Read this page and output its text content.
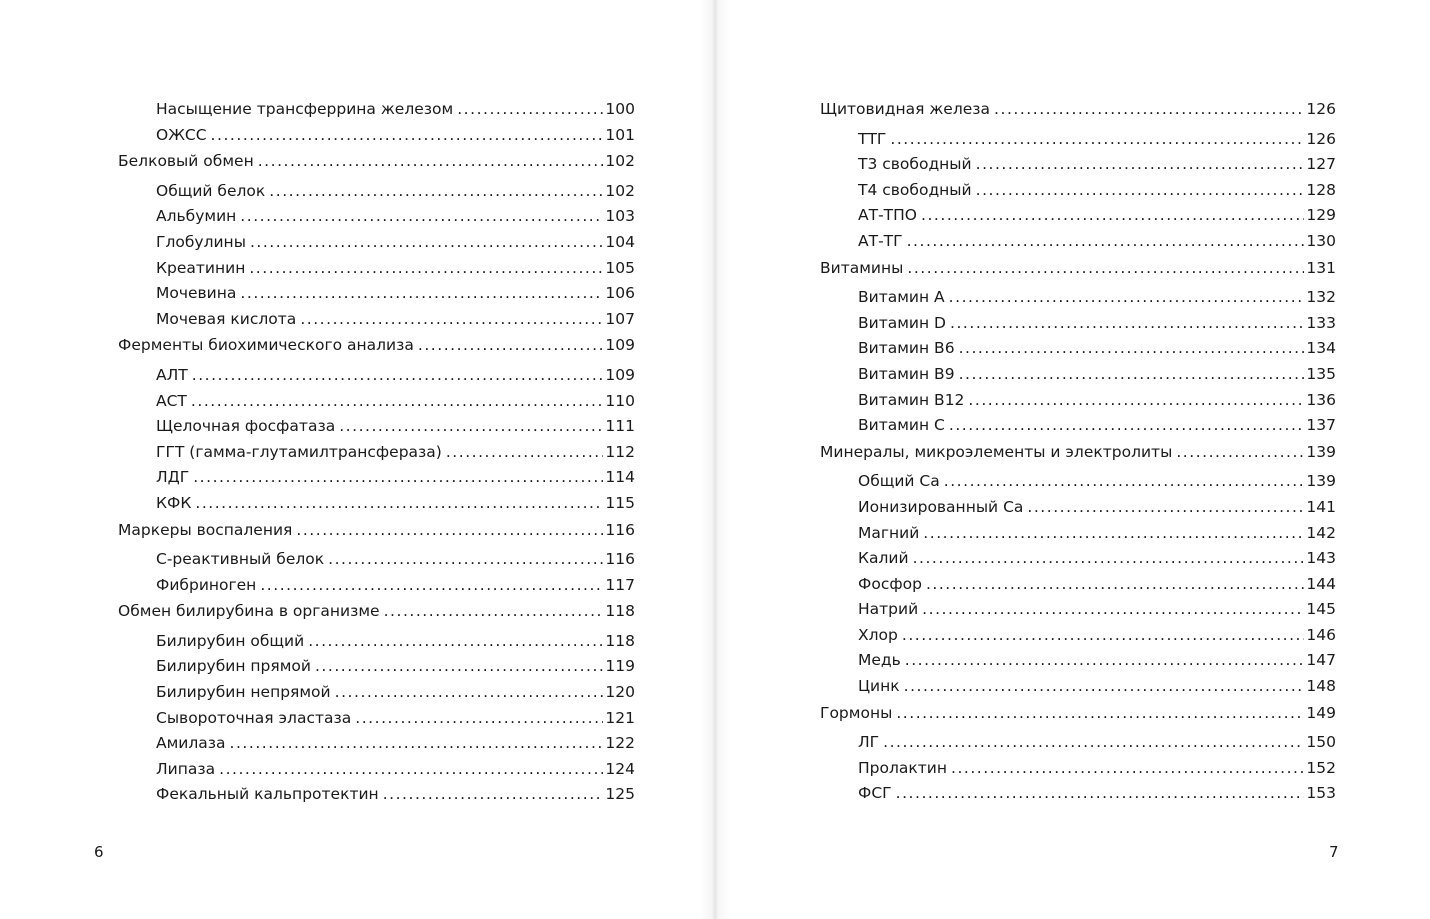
Насыщение трансферрина железом . . .	100
ОЖСС . . .	101
Белковый обмен . . .	102
Общий белок . . .	102
Альбумин . . .	103
Глобулины . . .	104
Креатинин . . .	105
Мочевина . . .	106
Мочевая кислота . . .	107
Ферменты биохимического анализа . . .	109
АЛТ . . .	109
АСТ . . .	110
Щелочная фосфатаза . . .	111
ГГТ (гамма-глутамилтрансфераза) . . .	112
ЛДГ . . .	114
КФК . . .	115
Маркеры воспаления . . .	116
С-реактивный белок . . .	116
Фибриноген . . .	117
Обмен билирубина в организме . . .	118
Билирубин общий . . .	118
Билирубин прямой . . .	119
Билирубин непрямой . . .	120
Сывороточная эластаза . . .	121
Амилаза . . .	122
Липаза . . .	124
Фекальный кальпротектин . . .	125
6
Щитовидная железа . . .	126
ТТГ . . .	126
Т3 свободный . . .	127
Т4 свободный . . .	128
АТ-ТПО . . .	129
АТ-ТГ . . .	130
Витамины . . .	131
Витамин А . . .	132
Витамин D . . .	133
Витамин В6 . . .	134
Витамин В9 . . .	135
Витамин В12 . . .	136
Витамин С . . .	137
Минералы, микроэлементы и электролиты . . .	139
Общий Са . . .	139
Ионизированный Са . . .	141
Магний . . .	142
Калий . . .	143
Фосфор . . .	144
Натрий . . .	145
Хлор . . .	146
Медь . . .	147
Цинк . . .	148
Гормоны . . .	149
ЛГ . . .	150
Пролактин . . .	152
ФСГ . . .	153
7
